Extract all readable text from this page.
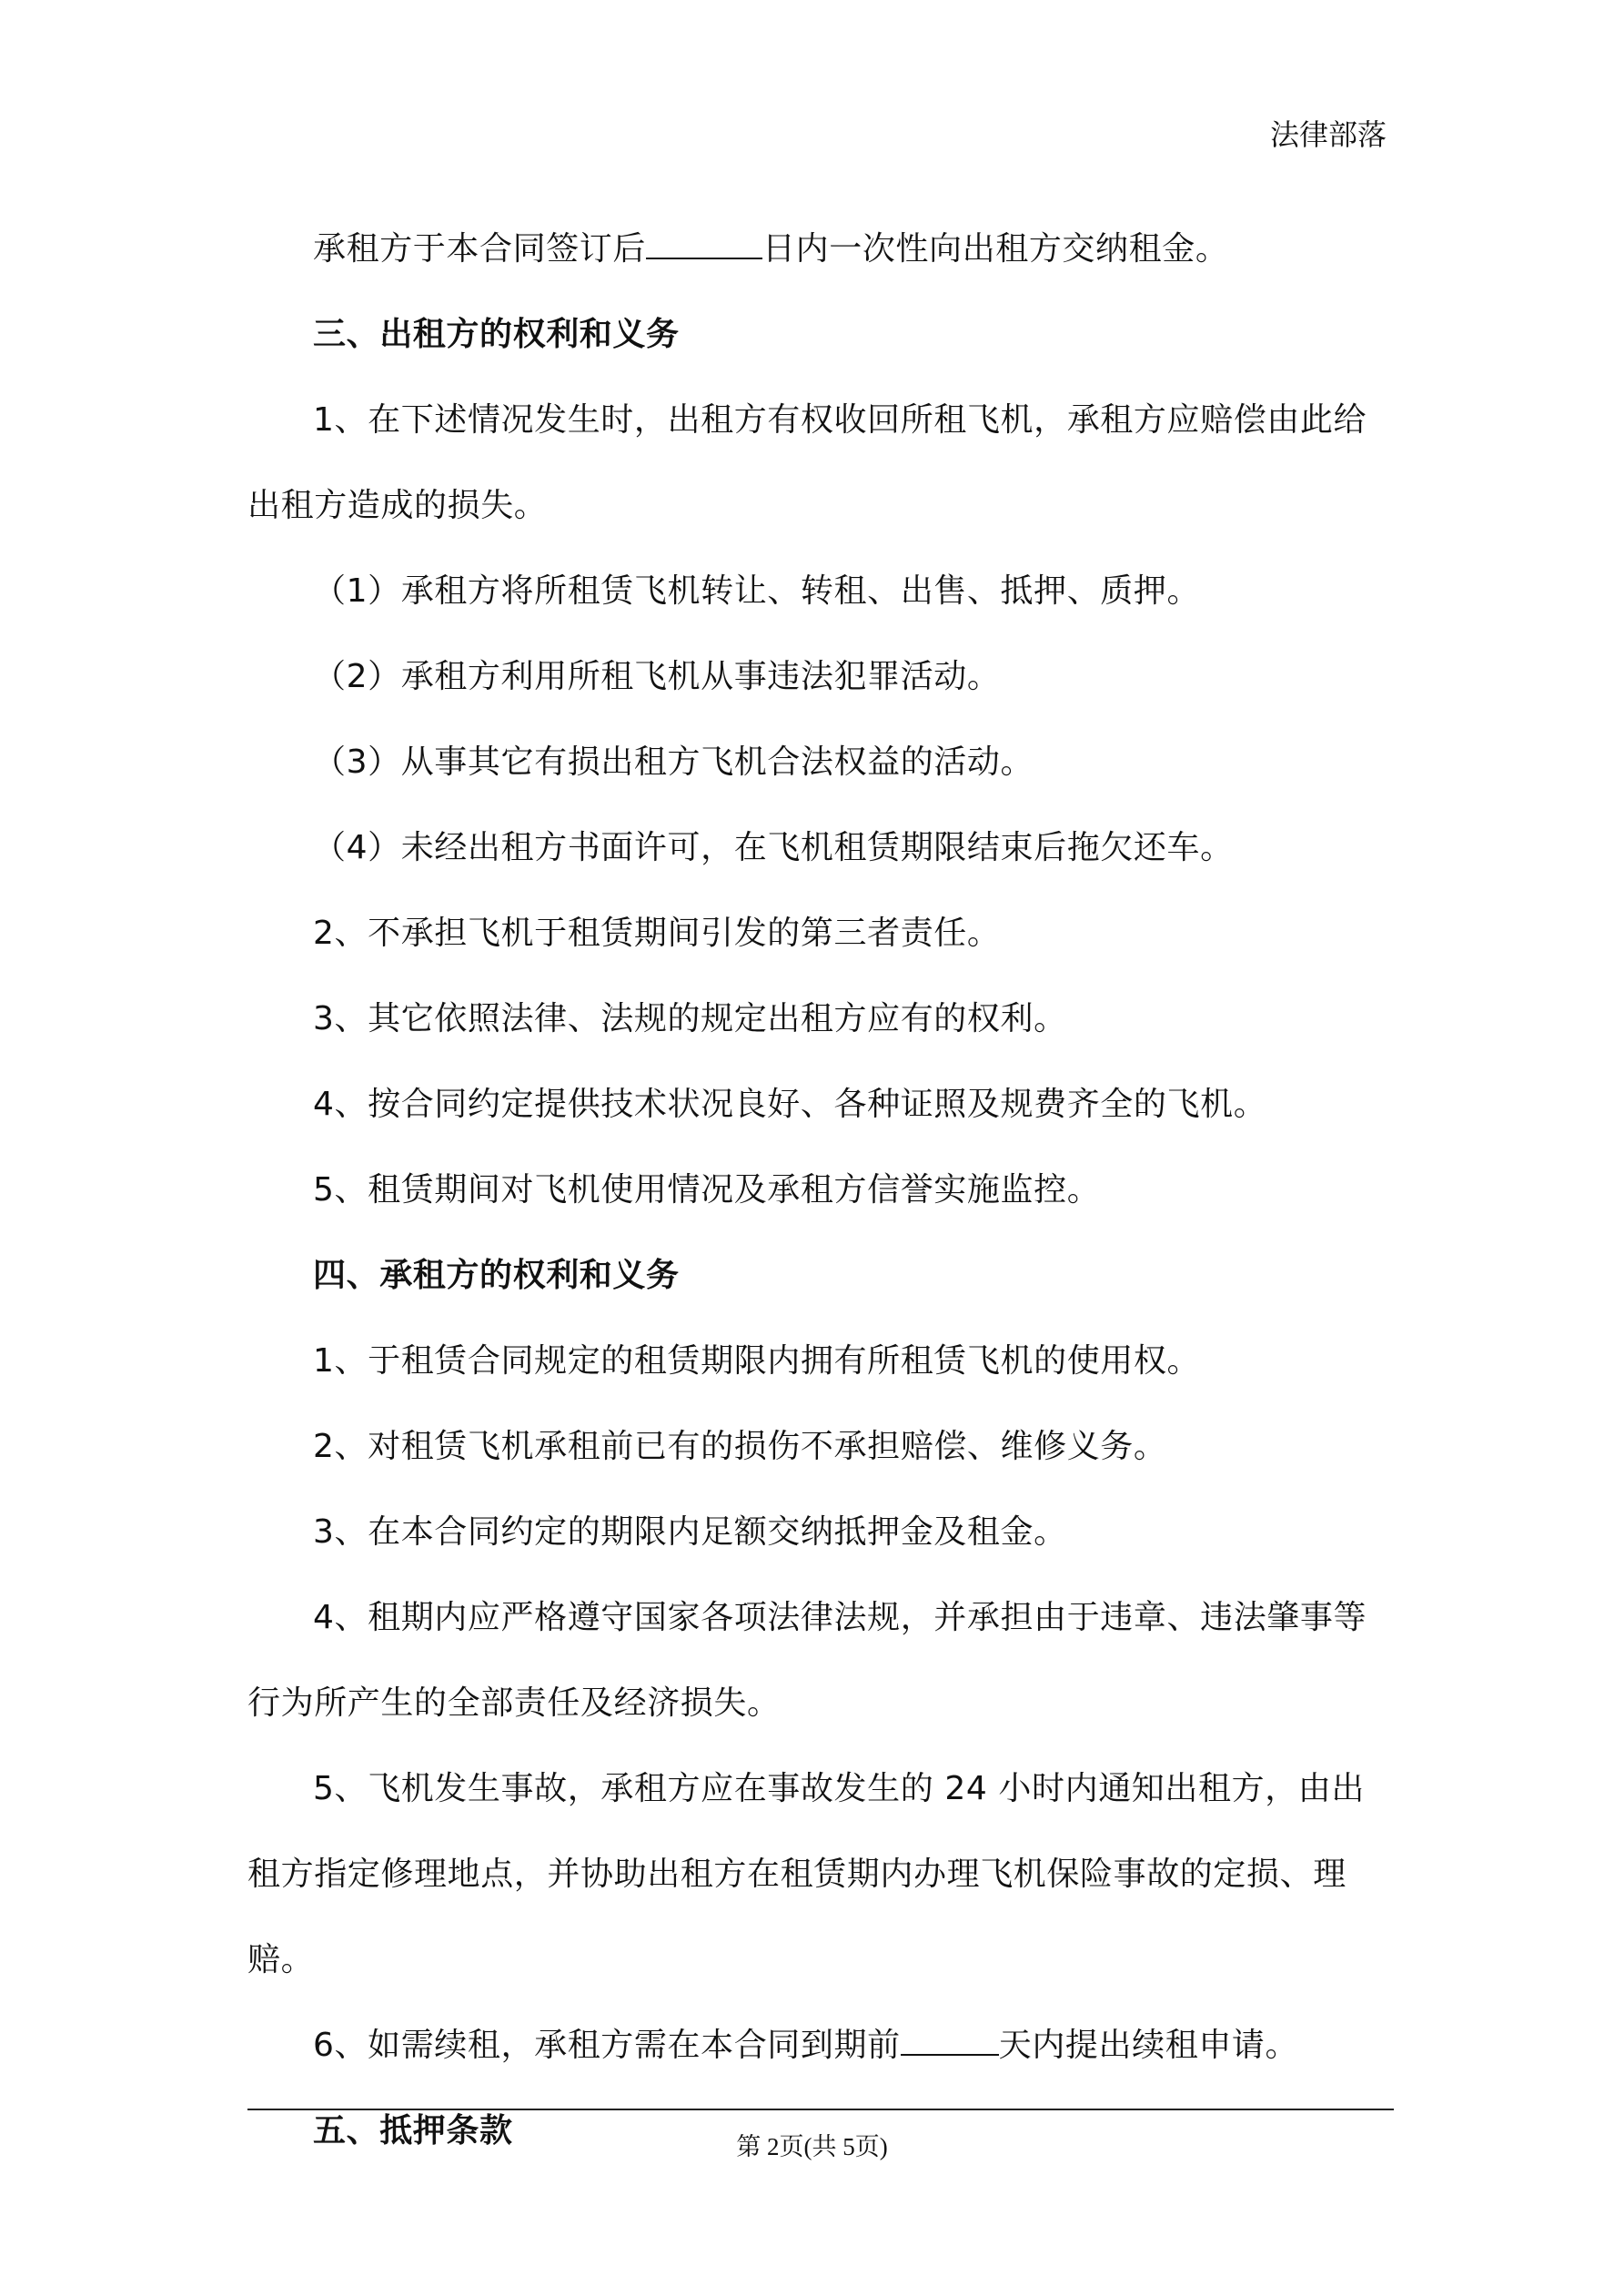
法律部落

承租方于本合同签订后	日内一次性向出租方交纳租金。

三、出租方的权利和义务

1、在下述情况发生时，出租方有权收回所租飞机，承租方应赔偿由此给出租方造成的损失。

（1）承租方将所租赁飞机转让、转租、出售、抵押、质押。

（2）承租方利用所租飞机从事违法犯罪活动。

（3）从事其它有损出租方飞机合法权益的活动。

（4）未经出租方书面许可，在飞机租赁期限结束后拖欠还车。

2、不承担飞机于租赁期间引发的第三者责任。

3、其它依照法律、法规的规定出租方应有的权利。

4、按合同约定提供技术状况良好、各种证照及规费齐全的飞机。

5、租赁期间对飞机使用情况及承租方信誉实施监控。

四、承租方的权利和义务

1、于租赁合同规定的租赁期限内拥有所租赁飞机的使用权。

2、对租赁飞机承租前已有的损伤不承担赔偿、维修义务。

3、在本合同约定的期限内足额交纳抵押金及租金。

4、租期内应严格遵守国家各项法律法规，并承担由于违章、违法肇事等行为所产生的全部责任及经济损失。

5、飞机发生事故，承租方应在事故发生的 24 小时内通知出租方，由出租方指定修理地点，并协助出租方在租赁期内办理飞机保险事故的定损、理赔。

6、如需续租，承租方需在本合同到期前	天内提出续租申请。

五、抵押条款	第 2页(共 5页)
